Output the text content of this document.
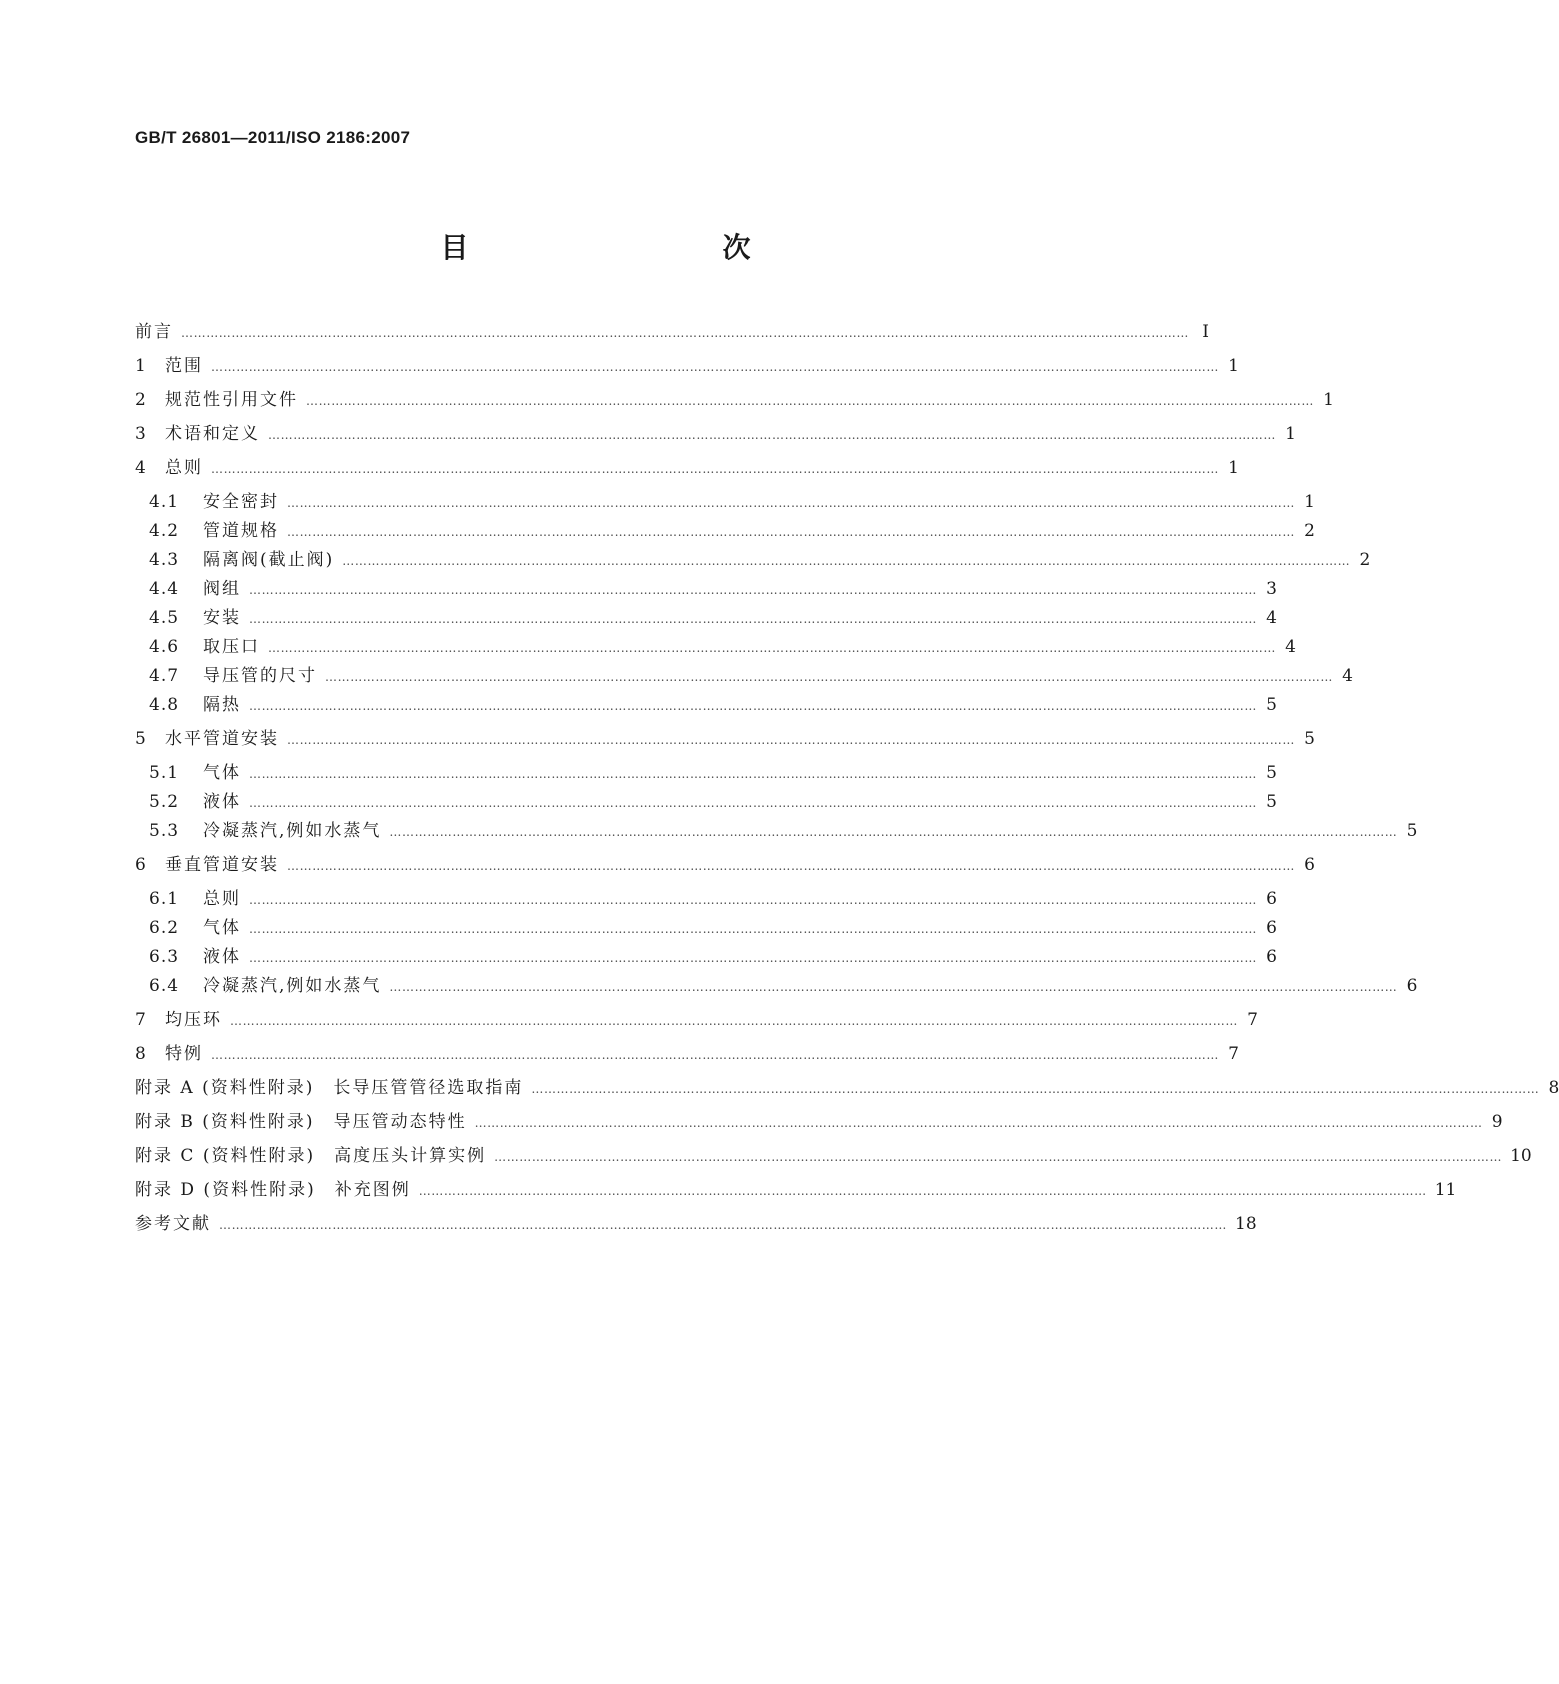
GB/T 26801—2011/ISO 2186:2007
目　　次
前言 …………………………………………………………………………………………………………………………………………………………………………………………………………………… Ⅰ
1	范围 …………………………………………………………………………………………………………………………………………………………………………………………………………………… 1
2	规范性引用文件 …………………………………………………………………………………………………………………………………………………………………………………………………………………… 1
3	术语和定义 …………………………………………………………………………………………………………………………………………………………………………………………………………………… 1
4	总则 …………………………………………………………………………………………………………………………………………………………………………………………………………………… 1
4.1	安全密封 …………………………………………………………………………………………………………………………………………………………………………………………………………………… 1
4.2	管道规格 …………………………………………………………………………………………………………………………………………………………………………………………………………………… 2
4.3	隔离阀(截止阀) …………………………………………………………………………………………………………………………………………………………………………………………………………………… 2
4.4	阀组 …………………………………………………………………………………………………………………………………………………………………………………………………………………… 3
4.5	安装 …………………………………………………………………………………………………………………………………………………………………………………………………………………… 4
4.6	取压口 …………………………………………………………………………………………………………………………………………………………………………………………………………………… 4
4.7	导压管的尺寸 …………………………………………………………………………………………………………………………………………………………………………………………………………………… 4
4.8	隔热 …………………………………………………………………………………………………………………………………………………………………………………………………………………… 5
5	水平管道安装 …………………………………………………………………………………………………………………………………………………………………………………………………………………… 5
5.1	气体 …………………………………………………………………………………………………………………………………………………………………………………………………………………… 5
5.2	液体 …………………………………………………………………………………………………………………………………………………………………………………………………………………… 5
5.3	冷凝蒸汽,例如水蒸气 …………………………………………………………………………………………………………………………………………………………………………………………………………………… 5
6	垂直管道安装 …………………………………………………………………………………………………………………………………………………………………………………………………………………… 6
6.1	总则 …………………………………………………………………………………………………………………………………………………………………………………………………………………… 6
6.2	气体 …………………………………………………………………………………………………………………………………………………………………………………………………………………… 6
6.3	液体 …………………………………………………………………………………………………………………………………………………………………………………………………………………… 6
6.4	冷凝蒸汽,例如水蒸气 …………………………………………………………………………………………………………………………………………………………………………………………………………………… 6
7	均压环 …………………………………………………………………………………………………………………………………………………………………………………………………………………… 7
8	特例 …………………………………………………………………………………………………………………………………………………………………………………………………………………… 7
附录 A (资料性附录)　长导压管管径选取指南 …………………………………………………………………………………………………………………………………………………………………………………………………………………… 8
附录 B (资料性附录)　导压管动态特性 …………………………………………………………………………………………………………………………………………………………………………………………………………………… 9
附录 C (资料性附录)　高度压头计算实例 …………………………………………………………………………………………………………………………………………………………………………………………………………………… 10
附录 D (资料性附录)　补充图例 …………………………………………………………………………………………………………………………………………………………………………………………………………………… 11
参考文献 …………………………………………………………………………………………………………………………………………………………………………………………………………………… 18
